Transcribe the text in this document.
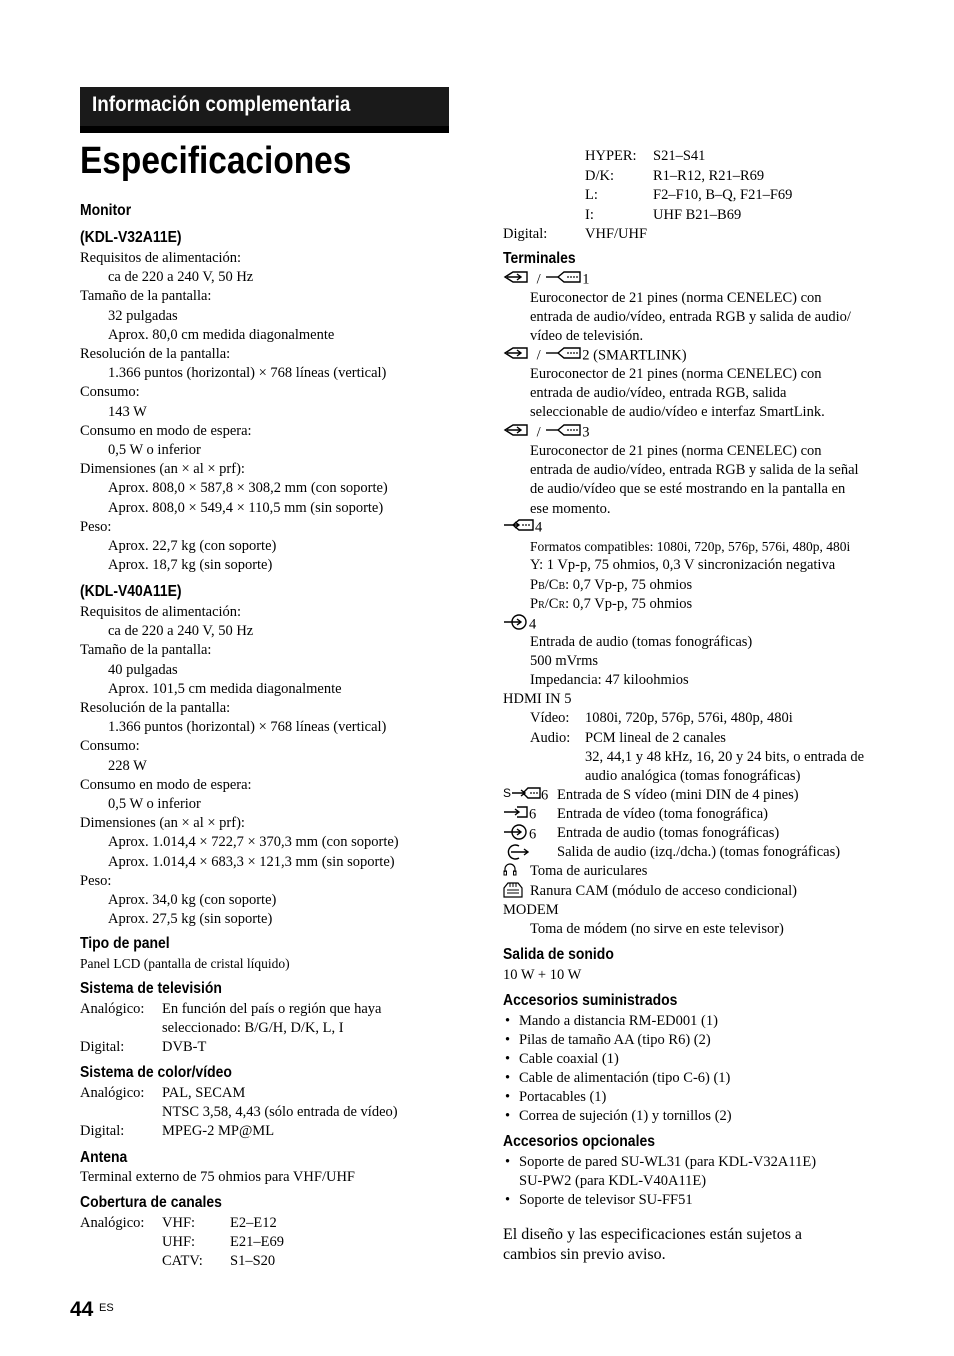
Información complementaria
Especificaciones
Monitor
(KDL-V32A11E)
Requisitos de alimentación:
ca de 220 a 240 V, 50 Hz
Tamaño de la pantalla:
32 pulgadas
Aprox. 80,0 cm medida diagonalmente
Resolución de la pantalla:
1.366 puntos (horizontal) × 768 líneas (vertical)
Consumo:
143 W
Consumo en modo de espera:
0,5 W o inferior
Dimensiones (an × al × prf):
Aprox. 808,0 × 587,8 × 308,2 mm (con soporte)
Aprox. 808,0 × 549,4 × 110,5 mm (sin soporte)
Peso:
Aprox. 22,7 kg (con soporte)
Aprox. 18,7 kg (sin soporte)
(KDL-V40A11E)
Requisitos de alimentación:
ca de 220 a 240 V, 50 Hz
Tamaño de la pantalla:
40 pulgadas
Aprox. 101,5 cm medida diagonalmente
Resolución de la pantalla:
1.366 puntos (horizontal) × 768 líneas (vertical)
Consumo:
228 W
Consumo en modo de espera:
0,5 W o inferior
Dimensiones (an × al × prf):
Aprox. 1.014,4 × 722,7 × 370,3 mm (con soporte)
Aprox. 1.014,4 × 683,3 × 121,3 mm (sin soporte)
Peso:
Aprox. 34,0 kg (con soporte)
Aprox. 27,5 kg (sin soporte)
Tipo de panel
Panel LCD (pantalla de cristal líquido)
Sistema de televisión
Analógico: En función del país o región que haya
seleccionado: B/G/H, D/K, L, I
Digital:	DVB-T
Sistema de color/vídeo
Analógico: PAL, SECAM
NTSC 3,58, 4,43 (sólo entrada de vídeo)
Digital:	MPEG-2 MP@ML
Antena
Terminal externo de 75 ohmios para VHF/UHF
Cobertura de canales
Analógico: VHF: E2–E12
UHF: E21–E69
CATV: S1–S20
HYPER: S21–S41
D/K:	R1–R12, R21–R69
L:	F2–F10, B–Q, F21–F69
I:	UHF B21–B69
Digital:	VHF/UHF
Terminales
/	1
Euroconector de 21 pines (norma CENELEC) con
entrada de audio/vídeo, entrada RGB y salida de audio/
vídeo de televisión.
/	2 (SMARTLINK)
Euroconector de 21 pines (norma CENELEC) con
entrada de audio/vídeo, entrada RGB, salida
seleccionable de audio/vídeo e interfaz SmartLink.
/	3
Euroconector de 21 pines (norma CENELEC) con
entrada de audio/vídeo, entrada RGB y salida de la señal
de audio/vídeo que se esté mostrando en la pantalla en
ese momento.
4
Formatos compatibles: 1080i, 720p, 576p, 576i, 480p, 480i
Y: 1 Vp-p, 75 ohmios, 0,3 V sincronización negativa
PB/CB: 0,7 Vp-p, 75 ohmios
PR/CR: 0,7 Vp-p, 75 ohmios
4
Entrada de audio (tomas fonográficas)
500 mVrms
Impedancia: 47 kiloohmios
HDMI IN 5
Vídeo: 1080i, 720p, 576p, 576i, 480p, 480i
Audio: PCM lineal de 2 canales
32, 44,1 y 48 kHz, 16, 20 y 24 bits, o entrada de
audio analógica (tomas fonográficas)
S 6 Entrada de S vídeo (mini DIN de 4 pines)
6 Entrada de vídeo (toma fonográfica)
6 Entrada de audio (tomas fonográficas)
Salida de audio (izq./dcha.) (tomas fonográficas)
Toma de auriculares
Ranura CAM (módulo de acceso condicional)
MODEM
Toma de módem (no sirve en este televisor)
Salida de sonido
10 W + 10 W
Accesorios suministrados
• Mando a distancia RM-ED001 (1)
• Pilas de tamaño AA (tipo R6) (2)
• Cable coaxial (1)
• Cable de alimentación (tipo C-6) (1)
• Portacables (1)
• Correa de sujeción (1) y tornillos (2)
Accesorios opcionales
• Soporte de pared SU-WL31 (para KDL-V32A11E)
SU-PW2 (para KDL-V40A11E)
• Soporte de televisor SU-FF51
El diseño y las especificaciones están sujetos a
cambios sin previo aviso.
44 ES
